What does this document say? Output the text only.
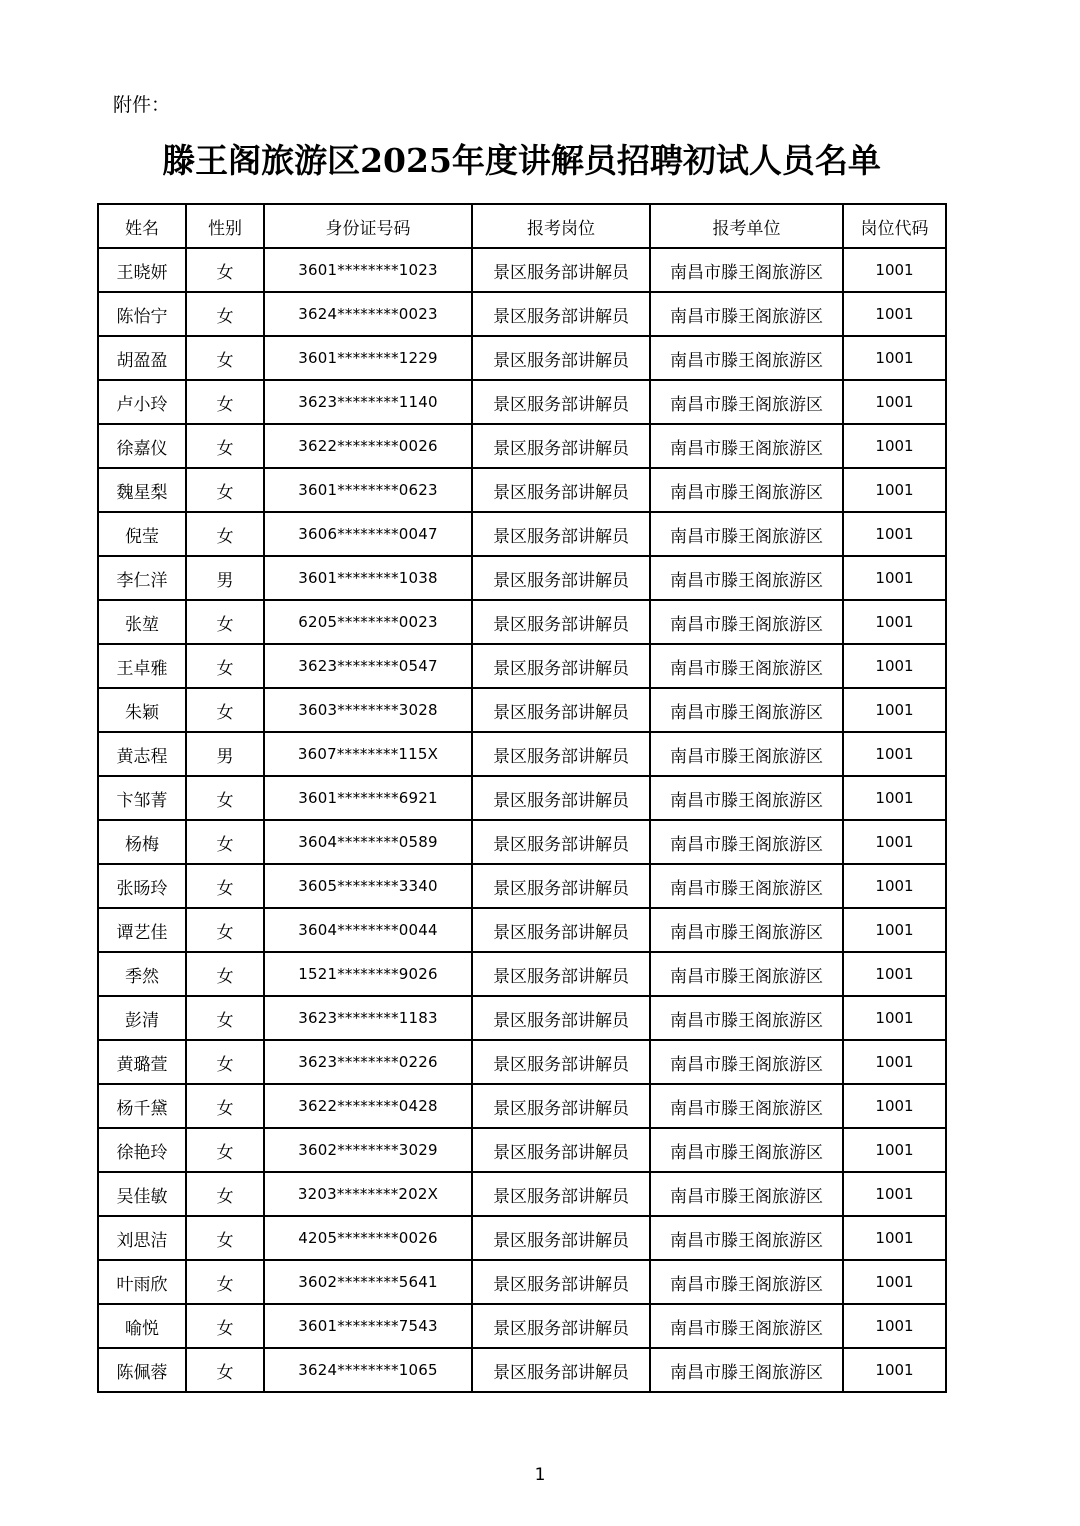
附件：
滕王阁旅游区2025年度讲解员招聘初试人员名单
姓名	性别	身份证号码	报考岗位	报考单位	岗位代码
王晓妍	女	3601********1023	景区服务部讲解员	南昌市滕王阁旅游区	1001
陈怡宁	女	3624********0023	景区服务部讲解员	南昌市滕王阁旅游区	1001
胡盈盈	女	3601********1229	景区服务部讲解员	南昌市滕王阁旅游区	1001
卢小玲	女	3623********1140	景区服务部讲解员	南昌市滕王阁旅游区	1001
徐嘉仪	女	3622********0026	景区服务部讲解员	南昌市滕王阁旅游区	1001
魏星梨	女	3601********0623	景区服务部讲解员	南昌市滕王阁旅游区	1001
倪莹	女	3606********0047	景区服务部讲解员	南昌市滕王阁旅游区	1001
李仁洋	男	3601********1038	景区服务部讲解员	南昌市滕王阁旅游区	1001
张堃	女	6205********0023	景区服务部讲解员	南昌市滕王阁旅游区	1001
王卓雅	女	3623********0547	景区服务部讲解员	南昌市滕王阁旅游区	1001
朱颖	女	3603********3028	景区服务部讲解员	南昌市滕王阁旅游区	1001
黄志程	男	3607********115X	景区服务部讲解员	南昌市滕王阁旅游区	1001
卞邹菁	女	3601********6921	景区服务部讲解员	南昌市滕王阁旅游区	1001
杨梅	女	3604********0589	景区服务部讲解员	南昌市滕王阁旅游区	1001
张旸玲	女	3605********3340	景区服务部讲解员	南昌市滕王阁旅游区	1001
谭艺佳	女	3604********0044	景区服务部讲解员	南昌市滕王阁旅游区	1001
季然	女	1521********9026	景区服务部讲解员	南昌市滕王阁旅游区	1001
彭清	女	3623********1183	景区服务部讲解员	南昌市滕王阁旅游区	1001
黄璐萱	女	3623********0226	景区服务部讲解员	南昌市滕王阁旅游区	1001
杨千黛	女	3622********0428	景区服务部讲解员	南昌市滕王阁旅游区	1001
徐艳玲	女	3602********3029	景区服务部讲解员	南昌市滕王阁旅游区	1001
吴佳敏	女	3203********202X	景区服务部讲解员	南昌市滕王阁旅游区	1001
刘思洁	女	4205********0026	景区服务部讲解员	南昌市滕王阁旅游区	1001
叶雨欣	女	3602********5641	景区服务部讲解员	南昌市滕王阁旅游区	1001
喻悦	女	3601********7543	景区服务部讲解员	南昌市滕王阁旅游区	1001
陈佩蓉	女	3624********1065	景区服务部讲解员	南昌市滕王阁旅游区	1001
1
